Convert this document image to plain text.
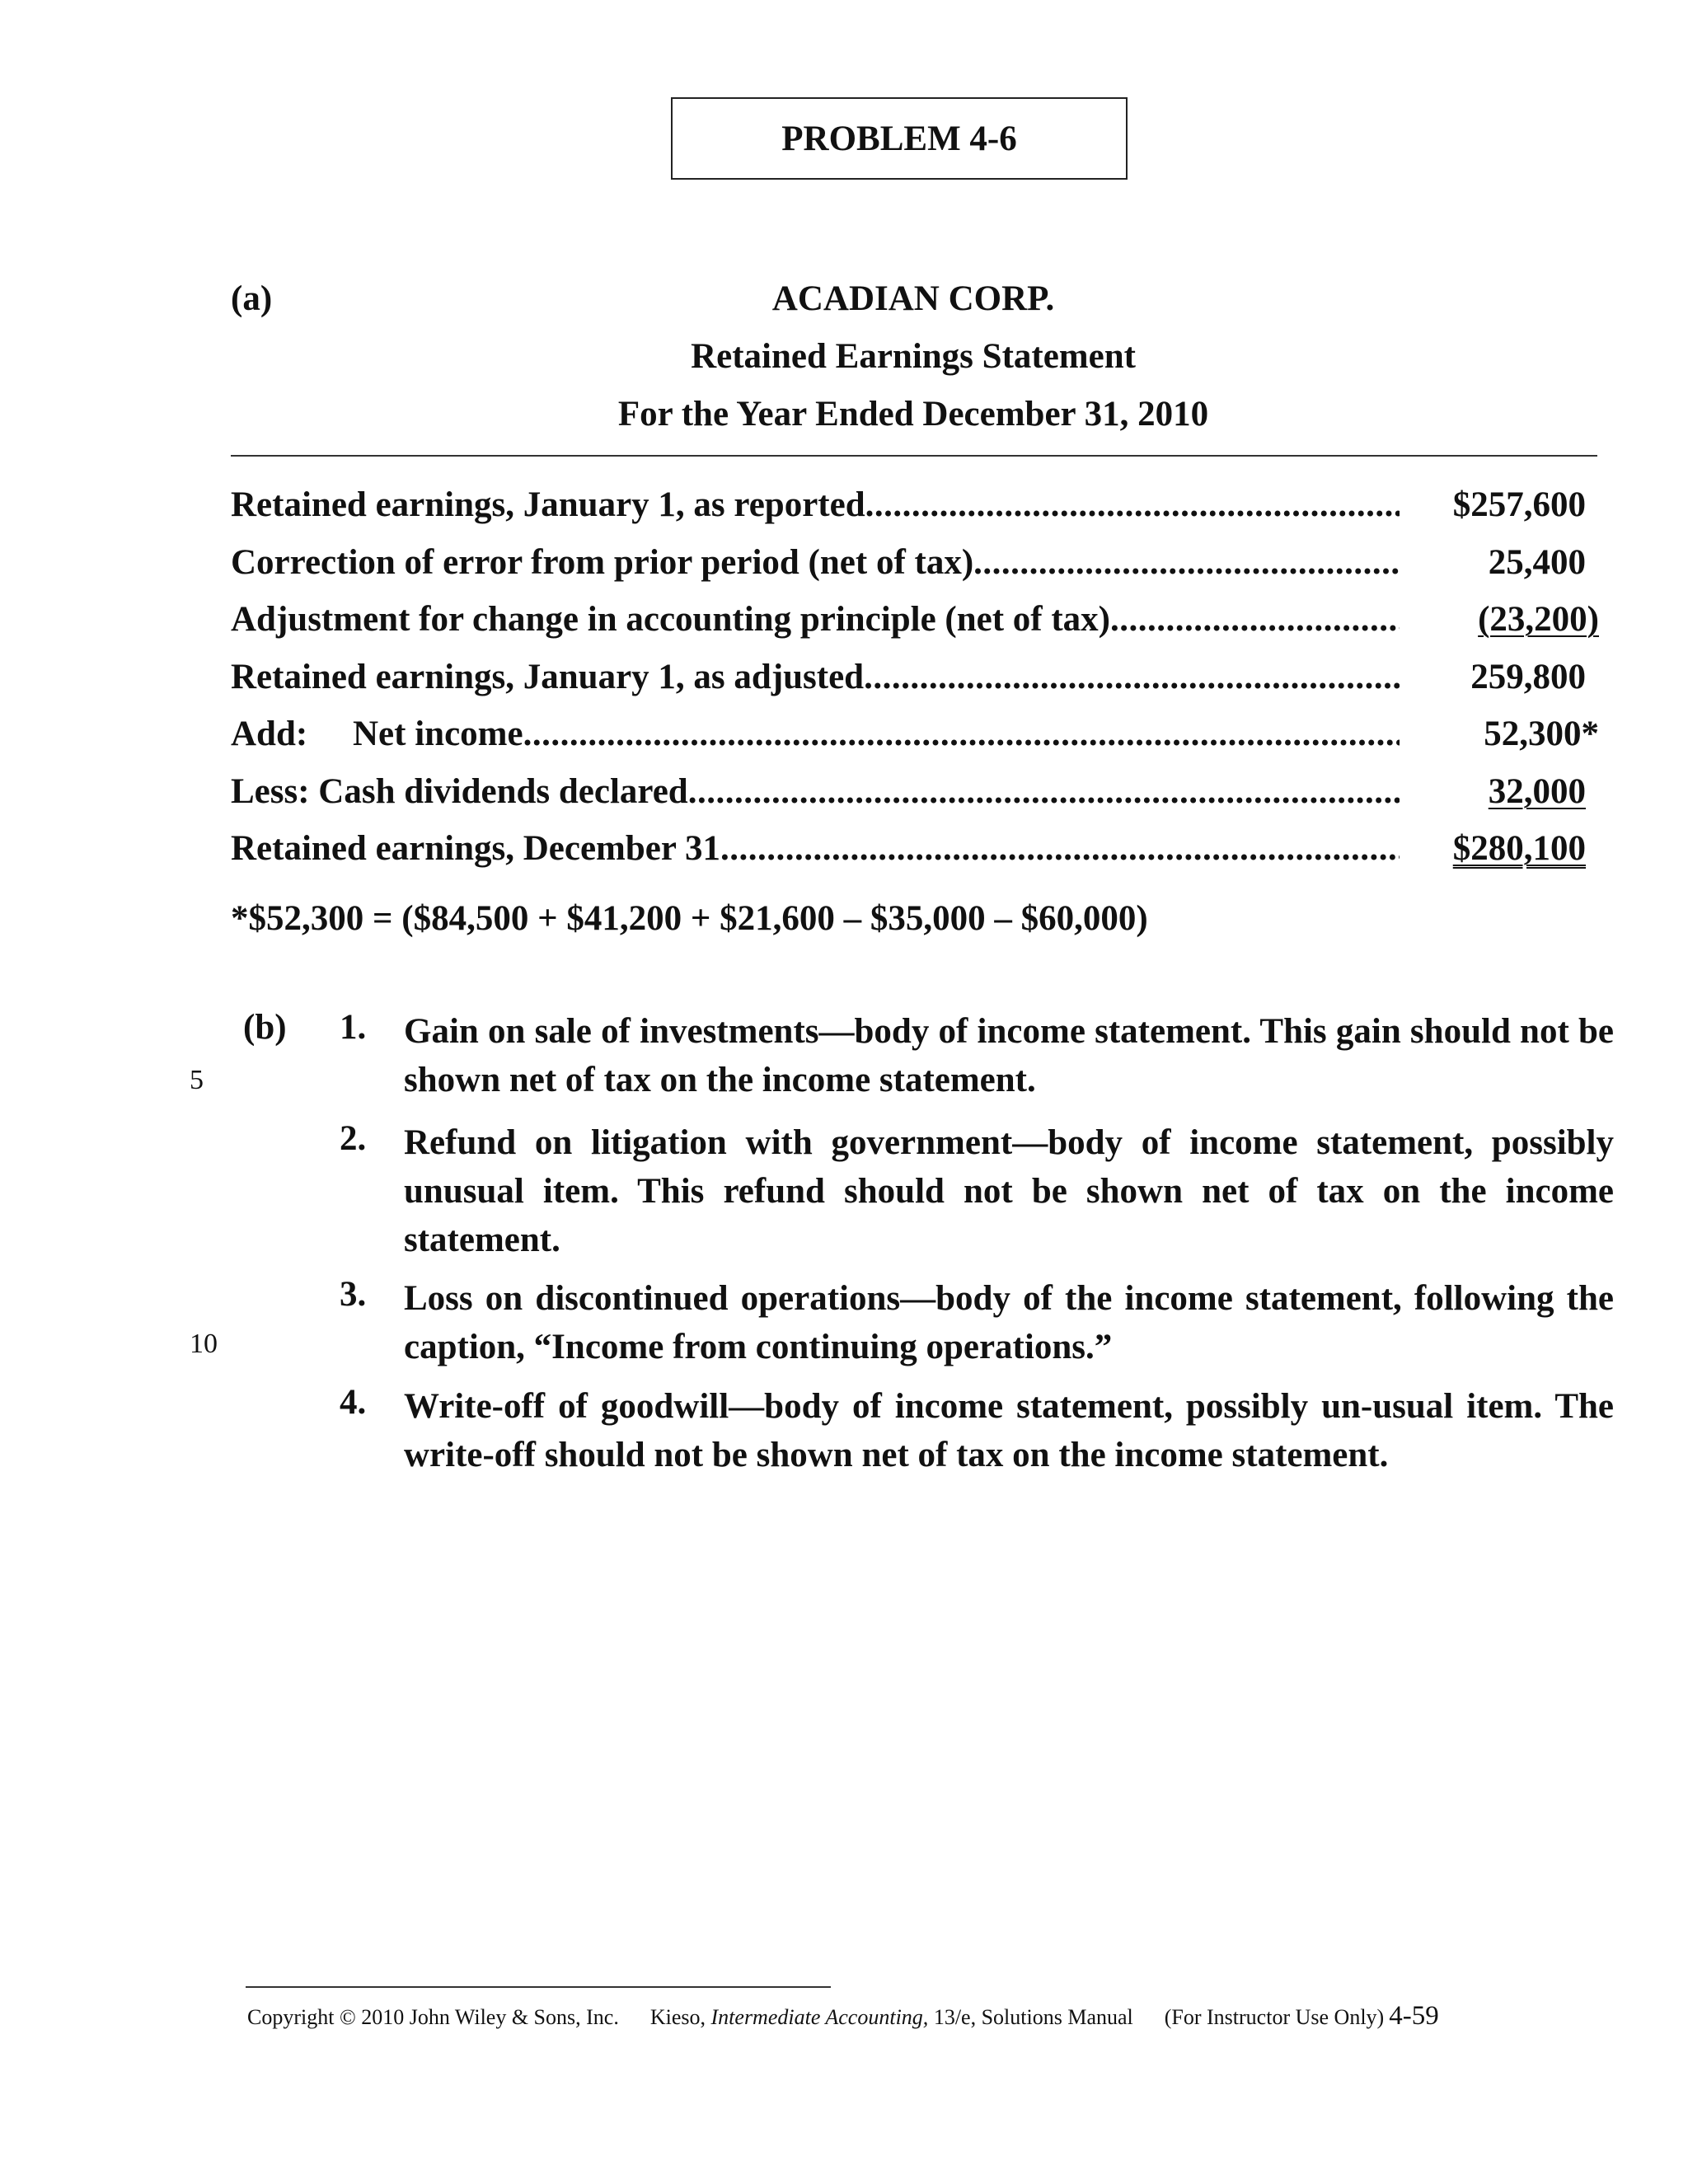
PROBLEM 4-6
(a)	ACADIAN CORP.
Retained Earnings Statement
For the Year Ended December 31, 2010
Retained earnings, January 1, as reported .....	$257,600
Correction of error from prior period (net of tax) .....	25,400
Adjustment for change in accounting principle (net of tax) .....	(23,200)
Retained earnings, January 1, as adjusted .....	259,800
Add: Net income .....	52,300*
Less: Cash dividends declared .....	32,000
Retained earnings, December 31 .....	$280,100
*$52,300 = ($84,500 + $41,200 + $21,600 – $35,000 – $60,000)
(b) 1. Gain on sale of investments—body of income statement. This gain should not be shown net of tax on the income statement.
2. Refund on litigation with government—body of income statement, possibly unusual item. This refund should not be shown net of tax on the income statement.
3. Loss on discontinued operations—body of the income statement, following the caption, “Income from continuing operations.”
4. Write-off of goodwill—body of income statement, possibly un-usual item. The write-off should not be shown net of tax on the income statement.
5
10
Copyright © 2010 John Wiley & Sons, Inc. Kieso, Intermediate Accounting, 13/e, Solutions Manual (For Instructor Use Only) 4-59
